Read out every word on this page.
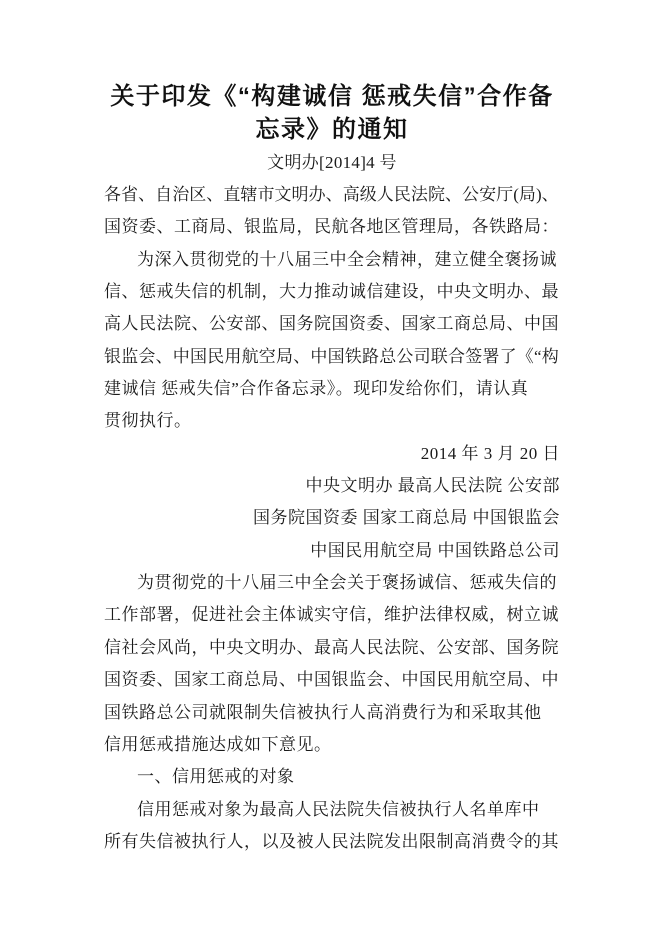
关于印发《“构建诚信 惩戒失信”合作备
忘录》的通知
文明办[2014]4 号
各省、自治区、直辖市文明办、高级人民法院、公安厅(局)、
国资委、工商局、银监局，民航各地区管理局，各铁路局：
为深入贯彻党的十八届三中全会精神，建立健全褒扬诚
信、惩戒失信的机制，大力推动诚信建设，中央文明办、最
高人民法院、公安部、国务院国资委、国家工商总局、中国
银监会、中国民用航空局、中国铁路总公司联合签署了《“构
建诚信 惩戒失信”合作备忘录》。现印发给你们，请认真
贯彻执行。
2014 年 3 月 20 日
中央文明办 最高人民法院 公安部
国务院国资委 国家工商总局 中国银监会
中国民用航空局 中国铁路总公司
为贯彻党的十八届三中全会关于褒扬诚信、惩戒失信的
工作部署，促进社会主体诚实守信，维护法律权威，树立诚
信社会风尚，中央文明办、最高人民法院、公安部、国务院
国资委、国家工商总局、中国银监会、中国民用航空局、中
国铁路总公司就限制失信被执行人高消费行为和采取其他
信用惩戒措施达成如下意见。
一、信用惩戒的对象
信用惩戒对象为最高人民法院失信被执行人名单库中
所有失信被执行人，以及被人民法院发出限制高消费令的其
